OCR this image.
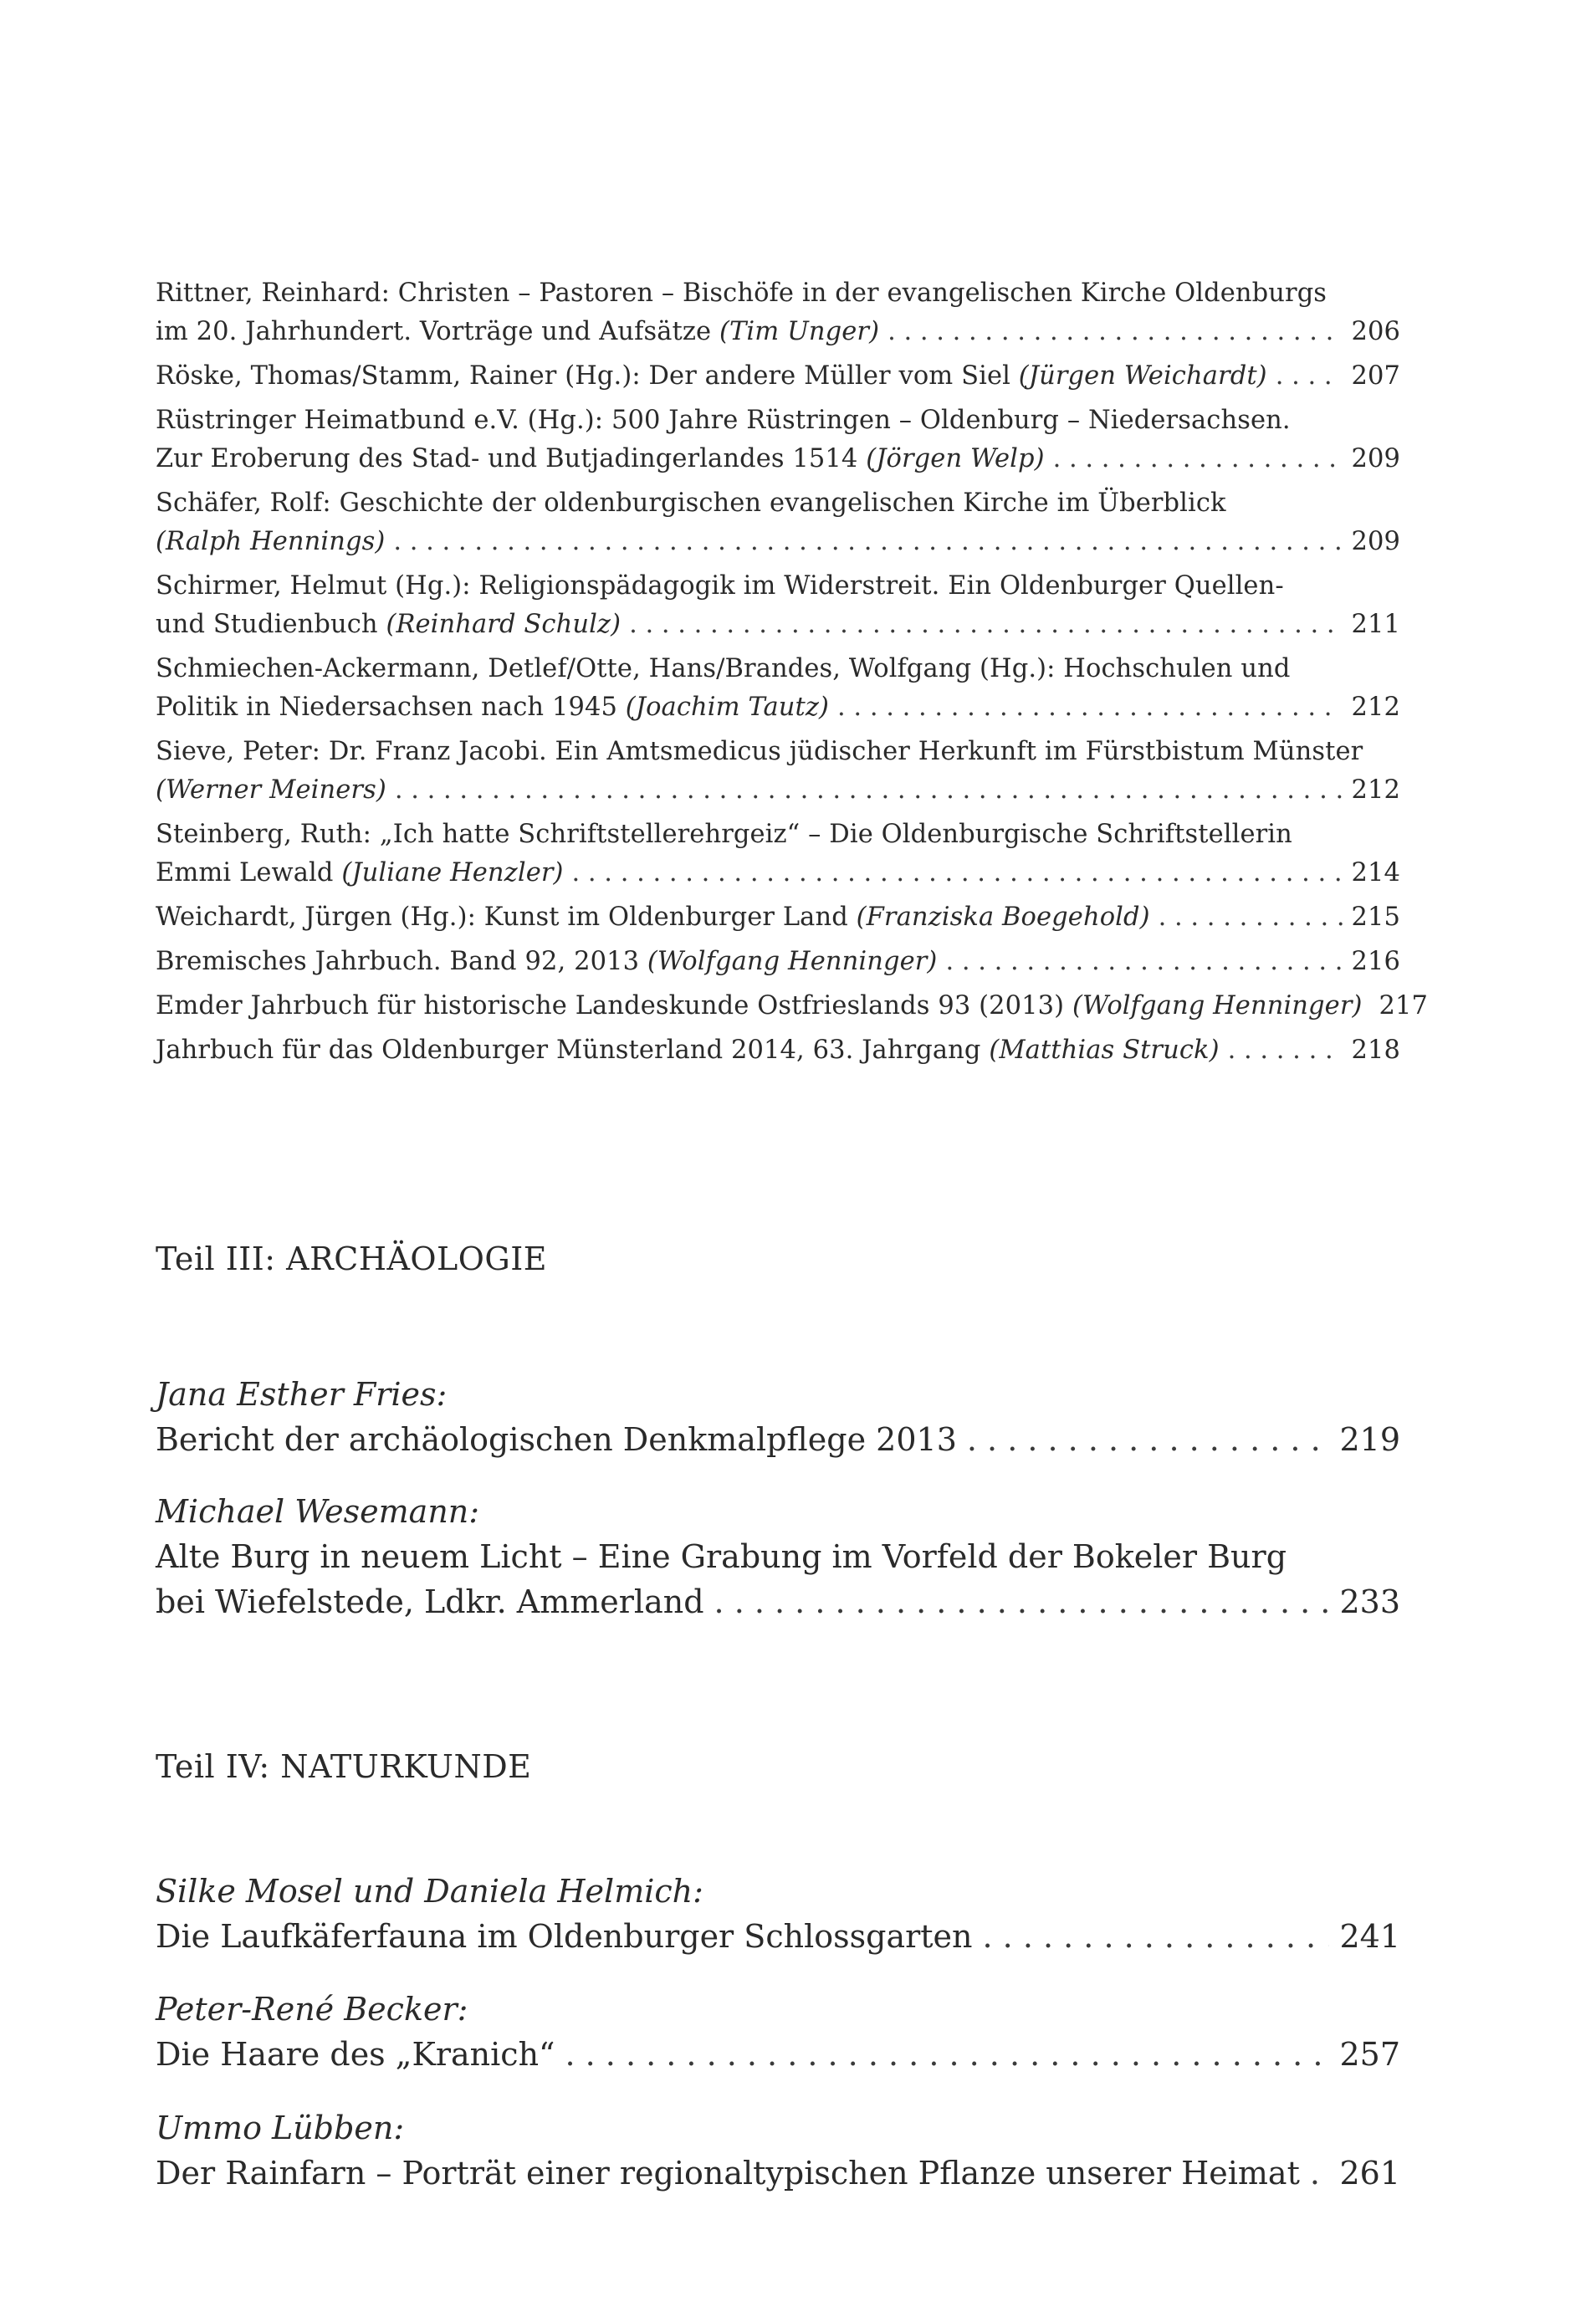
Rittner, Reinhard: Christen – Pastoren – Bischöfe in der evangelischen Kirche Oldenburgs
im 20. Jahrhundert. Vorträge und Aufsätze (Tim Unger) . . .	206
Röske, Thomas/Stamm, Rainer (Hg.): Der andere Müller vom Siel (Jürgen Weichardt) . . .	207
Rüstringer Heimatbund e.V. (Hg.): 500 Jahre Rüstringen – Oldenburg – Niedersachsen.
Zur Eroberung des Stad- und Butjadingerlandes 1514 (Jörgen Welp) . . .	209
Schäfer, Rolf: Geschichte der oldenburgischen evangelischen Kirche im Überblick
(Ralph Hennings) . . .	209
Schirmer, Helmut (Hg.): Religionspädagogik im Widerstreit. Ein Oldenburger Quellen-
und Studienbuch (Reinhard Schulz) . . .	211
Schmiechen-Ackermann, Detlef/Otte, Hans/Brandes, Wolfgang (Hg.): Hochschulen und
Politik in Niedersachsen nach 1945 (Joachim Tautz) . . .	212
Sieve, Peter: Dr. Franz Jacobi. Ein Amtsmedicus jüdischer Herkunft im Fürstbistum Münster
(Werner Meiners) . . .	212
Steinberg, Ruth: „Ich hatte Schriftstellerehrgeiz“ – Die Oldenburgische Schriftstellerin
Emmi Lewald (Juliane Henzler) . . .	214
Weichardt, Jürgen (Hg.): Kunst im Oldenburger Land (Franziska Boegehold) . . .	215
Bremisches Jahrbuch. Band 92, 2013 (Wolfgang Henninger) . . .	216
Emder Jahrbuch für historische Landeskunde Ostfrieslands 93 (2013) (Wolfgang Henninger) 217
Jahrbuch für das Oldenburger Münsterland 2014, 63. Jahrgang (Matthias Struck) . . .	218
Teil III: ARCHÄOLOGIE
Jana Esther Fries:
Bericht der archäologischen Denkmalpflege 2013 . . .	219
Michael Wesemann:
Alte Burg in neuem Licht – Eine Grabung im Vorfeld der Bokeler Burg
bei Wiefelstede, Ldkr. Ammerland . . .	233
Teil IV: NATURKUNDE
Silke Mosel und Daniela Helmich:
Die Laufkäferfauna im Oldenburger Schlossgarten . . .	241
Peter-René Becker:
Die Haare des „Kranich“ . . .	257
Ummo Lübben:
Der Rainfarn – Porträt einer regionaltypischen Pflanze unserer Heimat . . . 261
